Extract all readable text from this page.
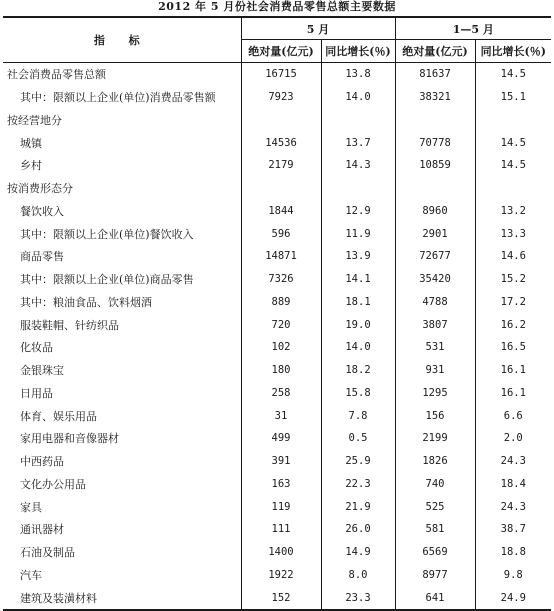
2012 年 5 月份社会消费品零售总额主要数据
指 标	5 月		1—5 月	
	绝对量(亿元)	同比增长(％)	绝对量(亿元)	同比增长(％)
社会消费品零售总额	16715	13.8	81637	14.5
其中：限额以上企业(单位)消费品零售额	7923	14.0	38321	15.1
按经营地分				
城镇	14536	13.7	70778	14.5
乡村	2179	14.3	10859	14.5
按消费形态分				
餐饮收入	1844	12.9	8960	13.2
其中：限额以上企业(单位)餐饮收入	596	11.9	2901	13.3
商品零售	14871	13.9	72677	14.6
其中：限额以上企业(单位)商品零售	7326	14.1	35420	15.2
其中：粮油食品、饮料烟酒	889	18.1	4788	17.2
服装鞋帽、针纺织品	720	19.0	3807	16.2
化妆品	102	14.0	531	16.5
金银珠宝	180	18.2	931	16.1
日用品	258	15.8	1295	16.1
体育、娱乐用品	31	7.8	156	6.6
家用电器和音像器材	499	0.5	2199	2.0
中西药品	391	25.9	1826	24.3
文化办公用品	163	22.3	740	18.4
家具	119	21.9	525	24.3
通讯器材	111	26.0	581	38.7
石油及制品	1400	14.9	6569	18.8
汽车	1922	8.0	8977	9.8
建筑及装潢材料	152	23.3	641	24.9
